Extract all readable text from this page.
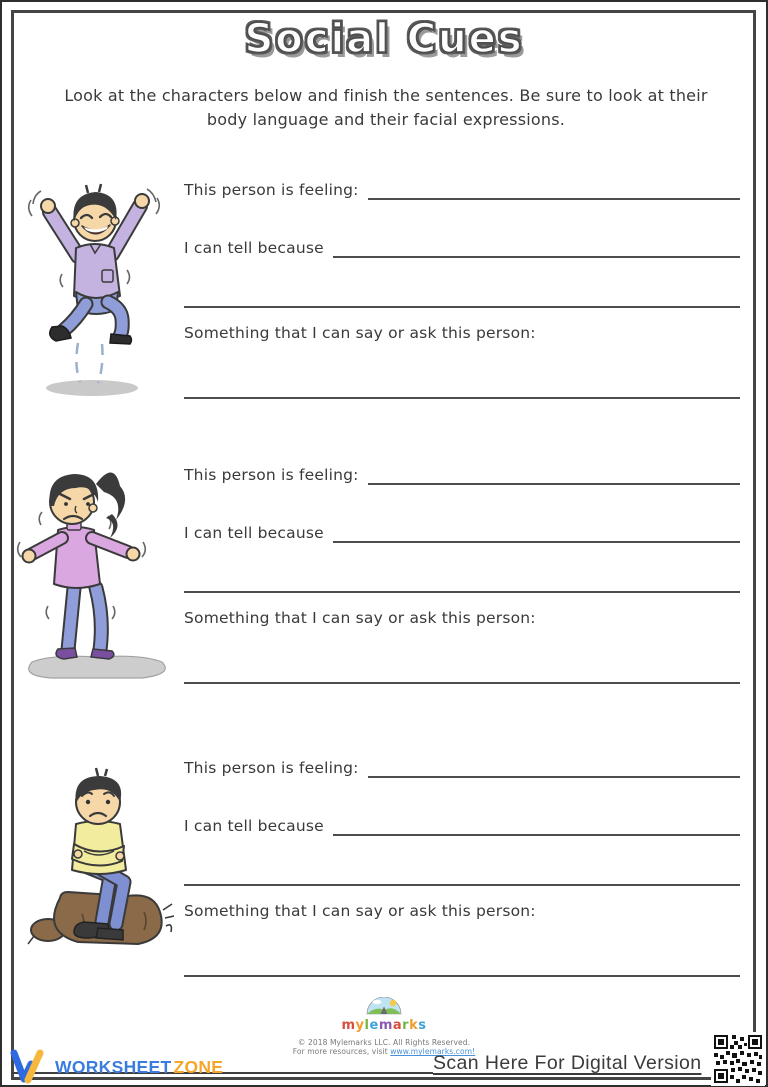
Social Cues
Look at the characters below and finish the sentences. Be sure to look at their body language and their facial expressions.
This person is feeling:
I can tell because
Something that I can say or ask this person:
This person is feeling:
I can tell because
Something that I can say or ask this person:
This person is feeling:
I can tell because
Something that I can say or ask this person:
mylemarks
© 2018 Mylemarks LLC. All Rights Reserved.
For more resources, visit www.mylemarks.com!
Scan Here For Digital Version
WORKSHEET ZONE
